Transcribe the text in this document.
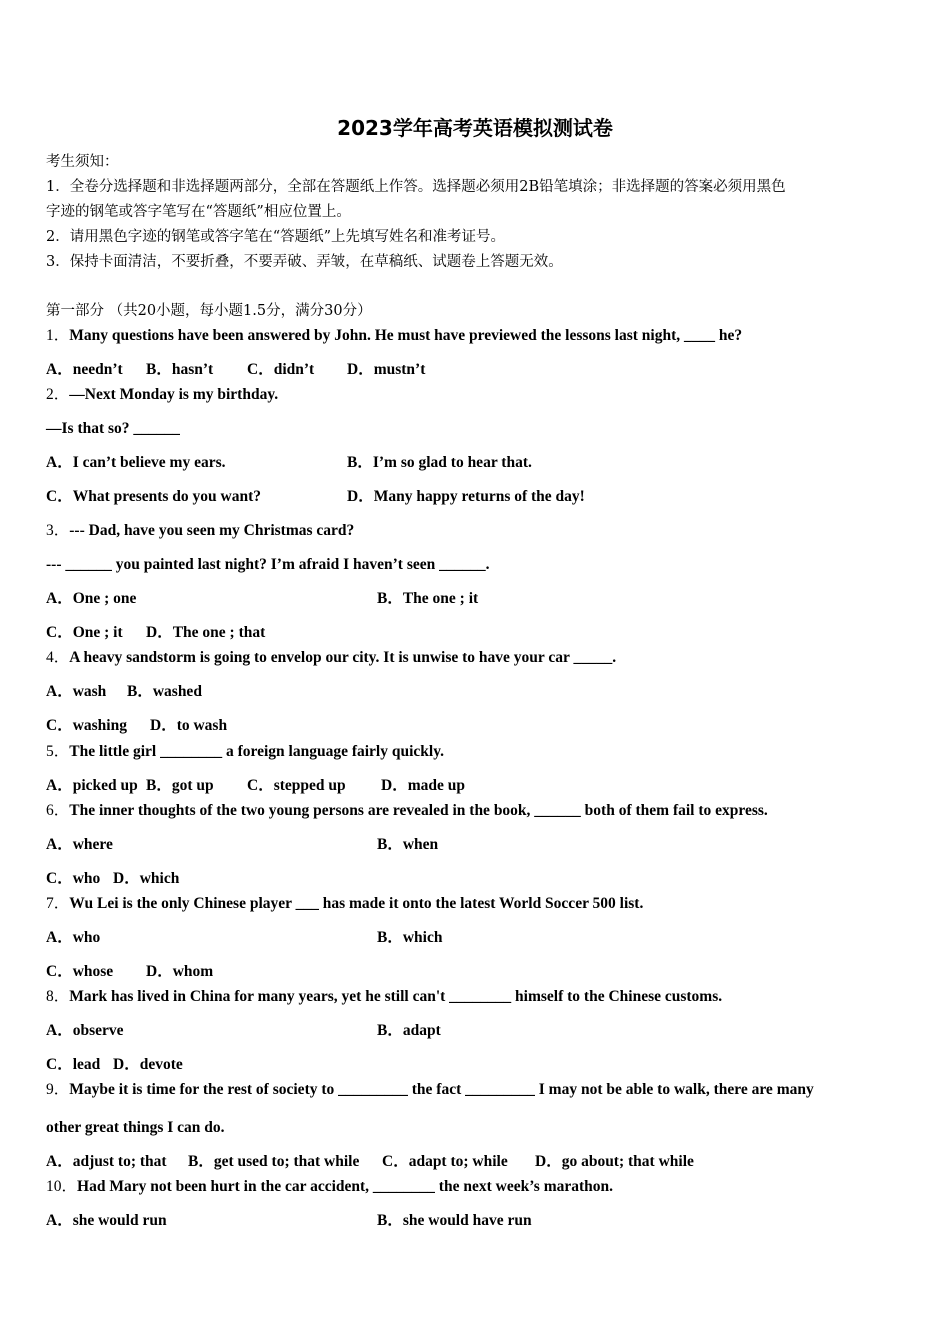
2023学年高考英语模拟测试卷
考生须知：
1．全卷分选择题和非选择题两部分，全部在答题纸上作答。选择题必须用2B铅笔填涂；非选择题的答案必须用黑色
字迹的钢笔或答字笔写在“答题纸”相应位置上。
2．请用黑色字迹的钢笔或答字笔在“答题纸”上先填写姓名和准考证号。
3．保持卡面清洁，不要折叠，不要弄破、弄皱，在草稿纸、试题卷上答题无效。
第一部分 （共20小题，每小题1.5分，满分30分）
1．Many questions have been answered by John. He must have previewed the lessons last night, ____ he?
A．needn’t B．hasn’t C．didn’t D．mustn’t
2．—Next Monday is my birthday.
—Is that so? ______
A．I can’t believe my ears.	B．I’m so glad to hear that.
C．What presents do you want?	D．Many happy returns of the day!
3．--- Dad, have you seen my Christmas card?
--- ______ you painted last night? I’m afraid I haven’t seen ______.
A．One ; one	B．The one ; it
C．One ; it D．The one ; that
4．A heavy sandstorm is going to envelop our city. It is unwise to have your car _____.
A．wash B．washed
C．washing D．to wash
5．The little girl ________ a foreign language fairly quickly.
A．picked up B．got up C．stepped up D．made up
6．The inner thoughts of the two young persons are revealed in the book, ______ both of them fail to express.
A．where	B．when
C．who D．which
7．Wu Lei is the only Chinese player ___ has made it onto the latest World Soccer 500 list.
A．who	B．which
C．whose D．whom
8．Mark has lived in China for many years, yet he still can't ________ himself to the Chinese customs.
A．observe	B．adapt
C．lead D．devote
9．Maybe it is time for the rest of society to _________ the fact _________ I may not be able to walk, there are many
other great things I can do.
A．adjust to; that B．get used to; that while C．adapt to; while D．go about; that while
10．Had Mary not been hurt in the car accident, ________ the next week’s marathon.
A．she would run	B．she would have run
